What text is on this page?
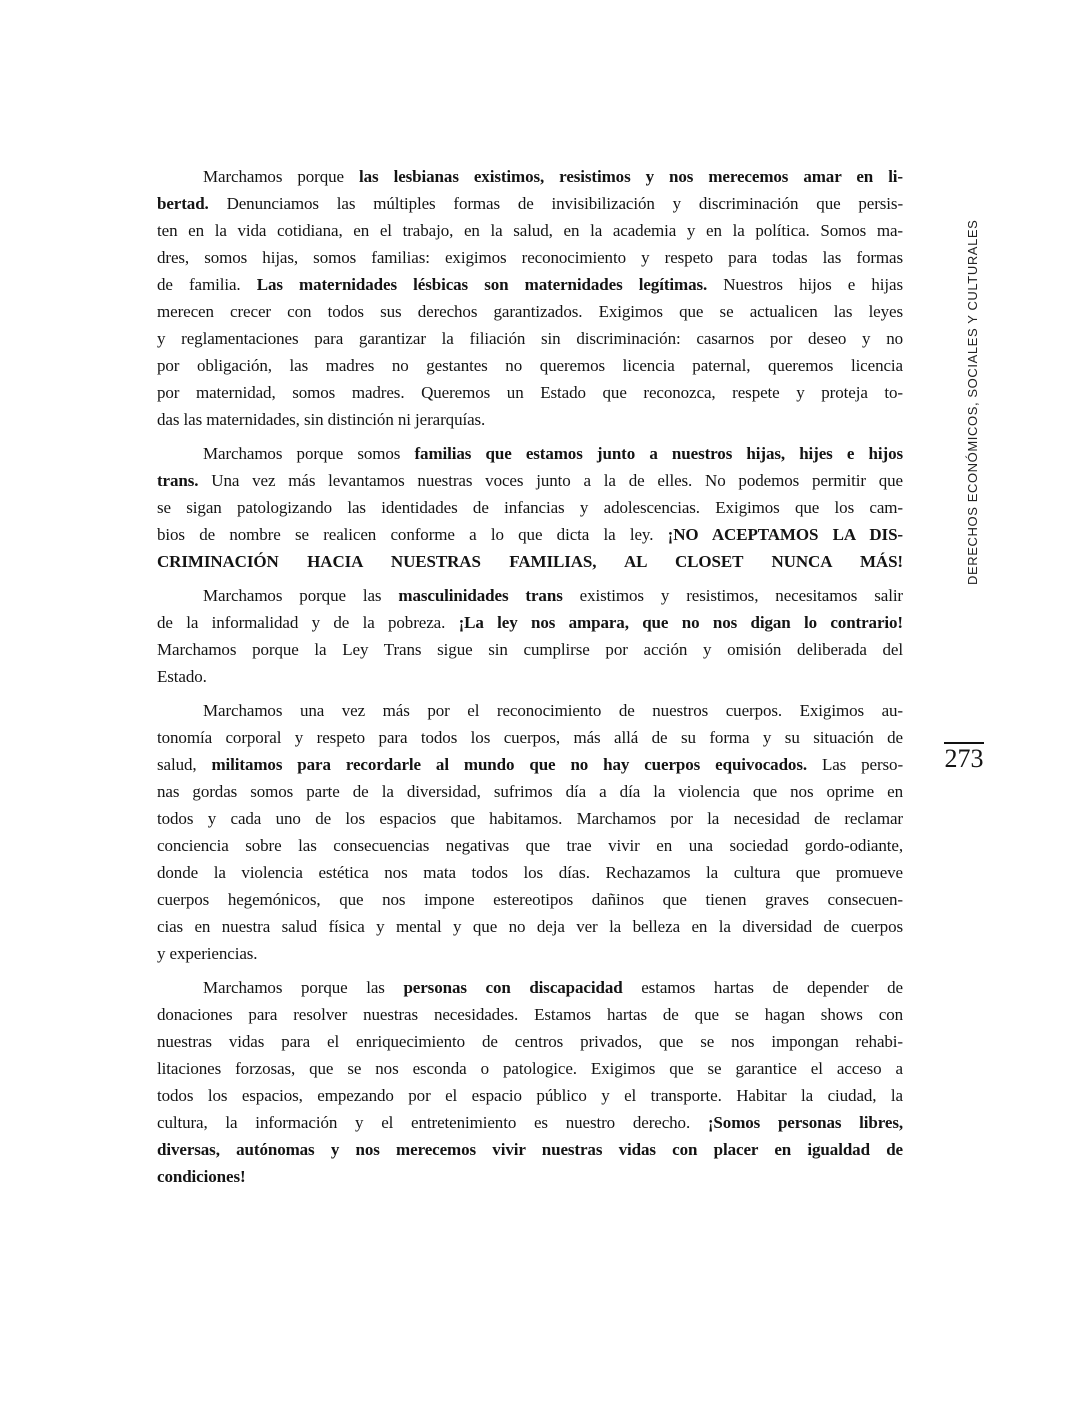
Marchamos porque las lesbianas existimos, resistimos y nos merecemos amar en li-
bertad. Denunciamos las múltiples formas de invisibilización y discriminación que persis-
ten en la vida cotidiana, en el trabajo, en la salud, en la academia y en la política. Somos ma-
dres, somos hijas, somos familias: exigimos reconocimiento y respeto para todas las formas
de familia. Las maternidades lésbicas son maternidades legítimas. Nuestros hijos e hijas
merecen crecer con todos sus derechos garantizados. Exigimos que se actualicen las leyes
y reglamentaciones para garantizar la filiación sin discriminación: casarnos por deseo y no
por obligación, las madres no gestantes no queremos licencia paternal, queremos licencia
por maternidad, somos madres. Queremos un Estado que reconozca, respete y proteja to-
das las maternidades, sin distinción ni jerarquías.
Marchamos porque somos familias que estamos junto a nuestros hijas, hijes e hijos
trans. Una vez más levantamos nuestras voces junto a la de elles. No podemos permitir que
se sigan patologizando las identidades de infancias y adolescencias. Exigimos que los cam-
bios de nombre se realicen conforme a lo que dicta la ley. ¡NO ACEPTAMOS LA DIS-
CRIMINACIÓN HACIA NUESTRAS FAMILIAS, AL CLOSET NUNCA MÁS!
Marchamos porque las masculinidades trans existimos y resistimos, necesitamos salir
de la informalidad y de la pobreza. ¡La ley nos ampara, que no nos digan lo contrario!
Marchamos porque la Ley Trans sigue sin cumplirse por acción y omisión deliberada del
Estado.
Marchamos una vez más por el reconocimiento de nuestros cuerpos. Exigimos au-
tonomía corporal y respeto para todos los cuerpos, más allá de su forma y su situación de
salud, militamos para recordarle al mundo que no hay cuerpos equivocados. Las perso-
nas gordas somos parte de la diversidad, sufrimos día a día la violencia que nos oprime en
todos y cada uno de los espacios que habitamos. Marchamos por la necesidad de reclamar
conciencia sobre las consecuencias negativas que trae vivir en una sociedad gordo-odiante,
donde la violencia estética nos mata todos los días. Rechazamos la cultura que promueve
cuerpos hegemónicos, que nos impone estereotipos dañinos que tienen graves consecuen-
cias en nuestra salud física y mental y que no deja ver la belleza en la diversidad de cuerpos
y experiencias.
Marchamos porque las personas con discapacidad estamos hartas de depender de
donaciones para resolver nuestras necesidades. Estamos hartas de que se hagan shows con
nuestras vidas para el enriquecimiento de centros privados, que se nos impongan rehabi-
litaciones forzosas, que se nos esconda o patologice. Exigimos que se garantice el acceso a
todos los espacios, empezando por el espacio público y el transporte. Habitar la ciudad, la
cultura, la información y el entretenimiento es nuestro derecho. ¡Somos personas libres,
diversas, autónomas y nos merecemos vivir nuestras vidas con placer en igualdad de
condiciones!
DERECHOS ECONÓMICOS, SOCIALES Y CULTURALES
273
